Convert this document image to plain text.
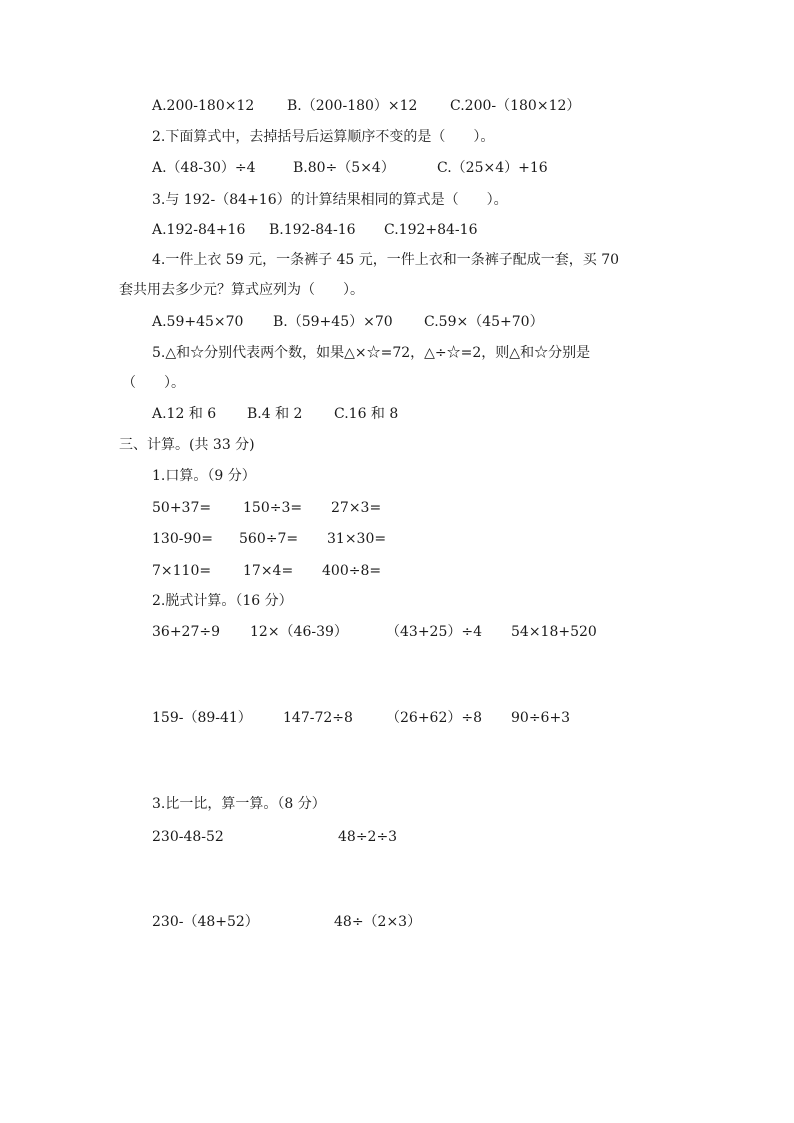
A.200-180×12 B.（200-180）×12 C.200-（180×12）
2.下面算式中，去掉括号后运算顺序不变的是（　　）。
A.（48-30）÷4	B.80÷（5×4）	C.（25×4）+16
3.与 192-（84+16）的计算结果相同的算式是（　　）。
A.192-84+16 B.192-84-16 C.192+84-16
4.一件上衣 59 元，一条裤子 45 元，一件上衣和一条裤子配成一套，买 70
套共用去多少元？算式应列为（　　）。
A.59+45×70 B.（59+45）×70 C.59×（45+70）
5.△和☆分别代表两个数，如果△×☆=72，△÷☆=2，则△和☆分别是
（　　）。
A.12 和 6 B.4 和 2 C.16 和 8
三、计算。(共 33 分)
1.口算。（9 分）
50+37= 150÷3= 27×3=
130-90= 560÷7= 31×30=
7×110= 17×4= 400÷8=
2.脱式计算。（16 分）
36+27÷9 12×（46-39）	（43+25）÷4 54×18+520
159-（89-41） 147-72÷8 （26+62）÷8 90÷6+3
3.比一比，算一算。（8 分）
230-48-52	48÷2÷3
230-（48+52）	48÷（2×3）
